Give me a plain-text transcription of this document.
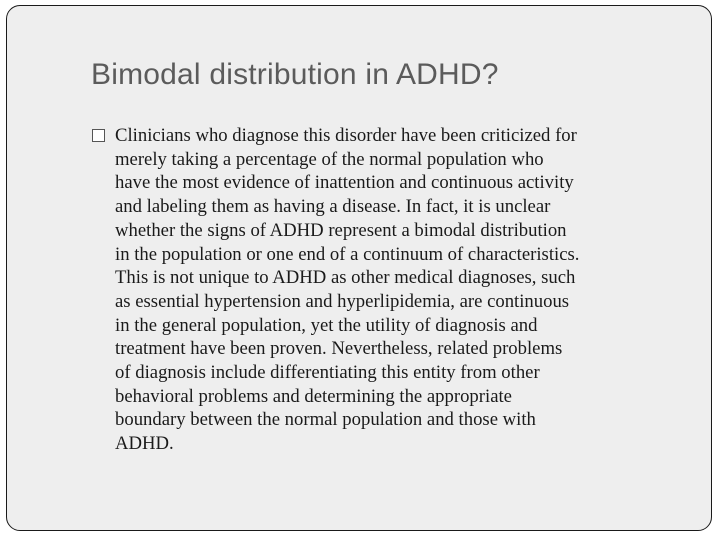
Bimodal distribution in ADHD?

Clinicians who diagnose this disorder have been criticized for
merely taking a percentage of the normal population who
have the most evidence of inattention and continuous activity
and labeling them as having a disease. In fact, it is unclear
whether the signs of ADHD represent a bimodal distribution
in the population or one end of a continuum of characteristics.
This is not unique to ADHD as other medical diagnoses, such
as essential hypertension and hyperlipidemia, are continuous
in the general population, yet the utility of diagnosis and
treatment have been proven. Nevertheless, related problems
of diagnosis include differentiating this entity from other
behavioral problems and determining the appropriate
boundary between the normal population and those with
ADHD.
